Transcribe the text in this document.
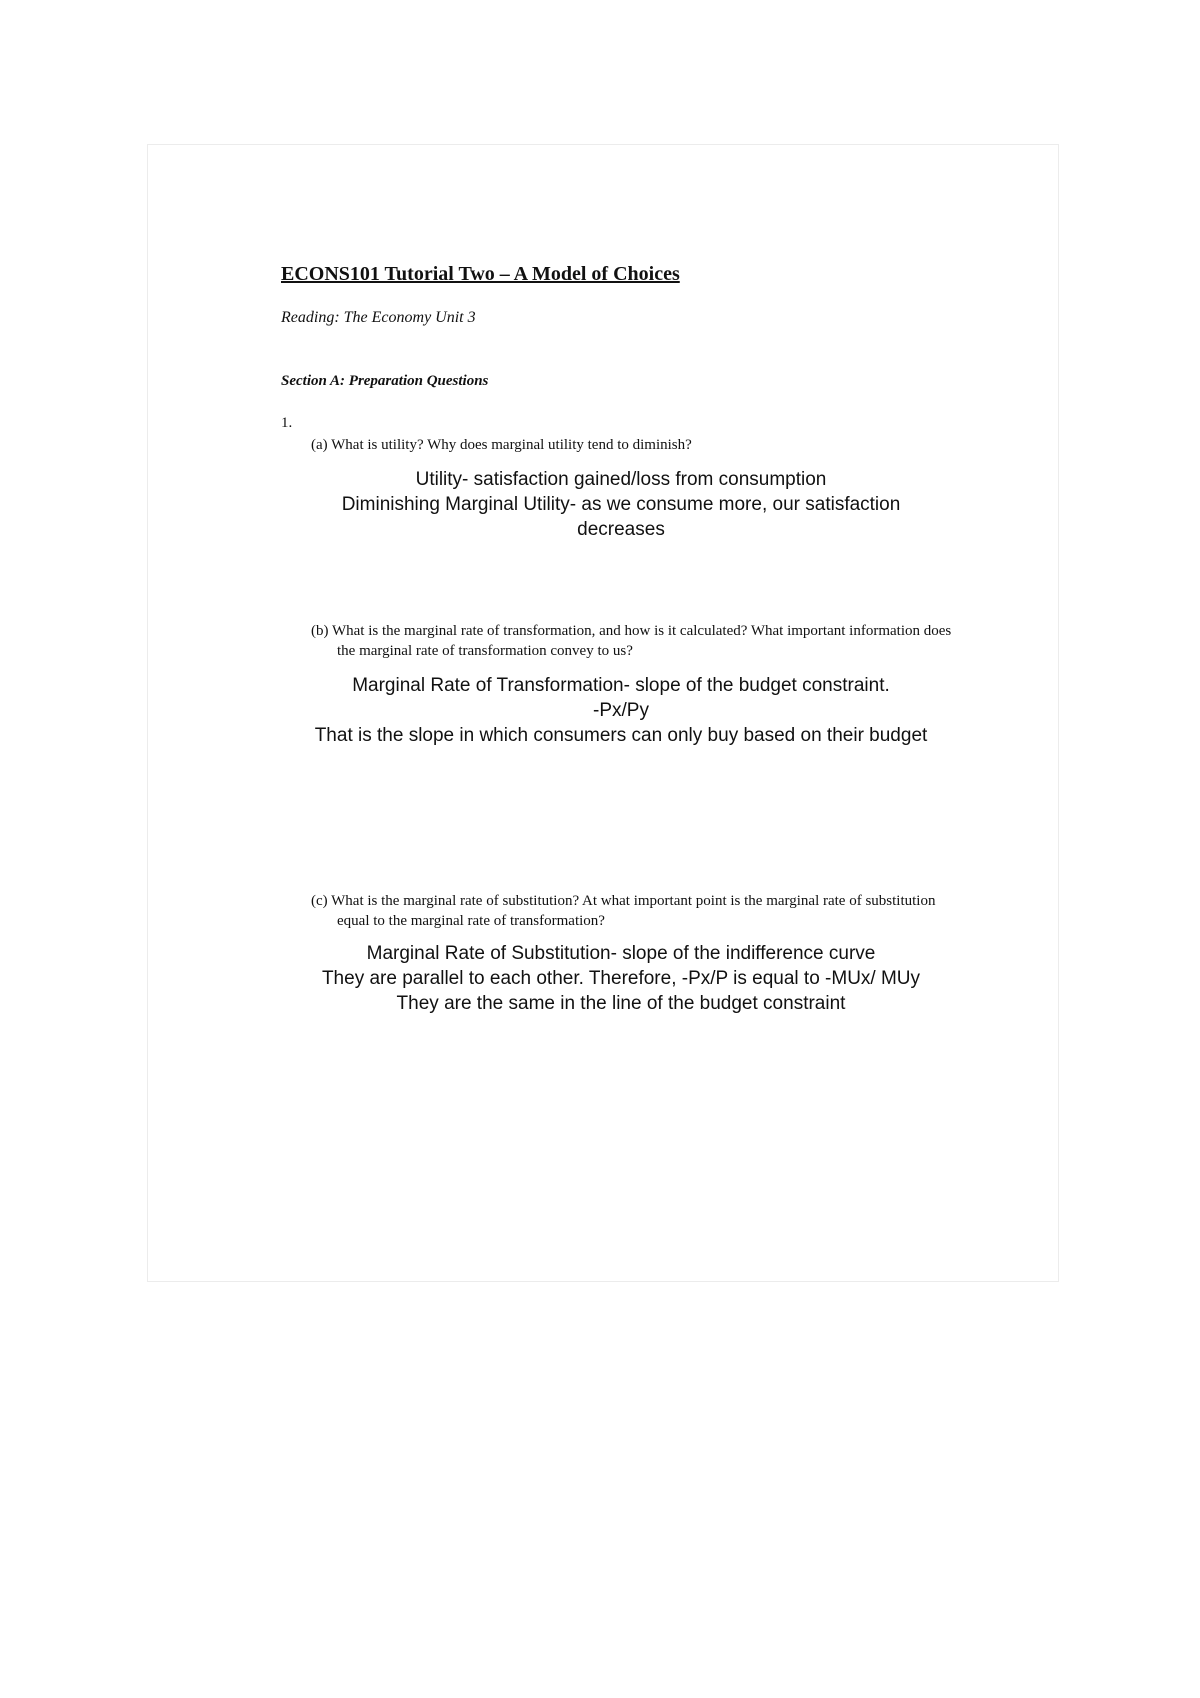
ECONS101 Tutorial Two – A Model of Choices
Reading: The Economy Unit 3
Section A: Preparation Questions
1.
(a) What is utility? Why does marginal utility tend to diminish?
Utility- satisfaction gained/loss from consumption
Diminishing Marginal Utility- as we consume more, our satisfaction decreases
(b) What is the marginal rate of transformation, and how is it calculated? What important information does the marginal rate of transformation convey to us?
Marginal Rate of Transformation- slope of the budget constraint.
-Px/Py
That is the slope in which consumers can only buy based on their budget
(c) What is the marginal rate of substitution? At what important point is the marginal rate of substitution equal to the marginal rate of transformation?
Marginal Rate of Substitution- slope of the indifference curve
They are parallel to each other. Therefore, -Px/P is equal to -MUx/ MUy
They are the same in the line of the budget constraint
